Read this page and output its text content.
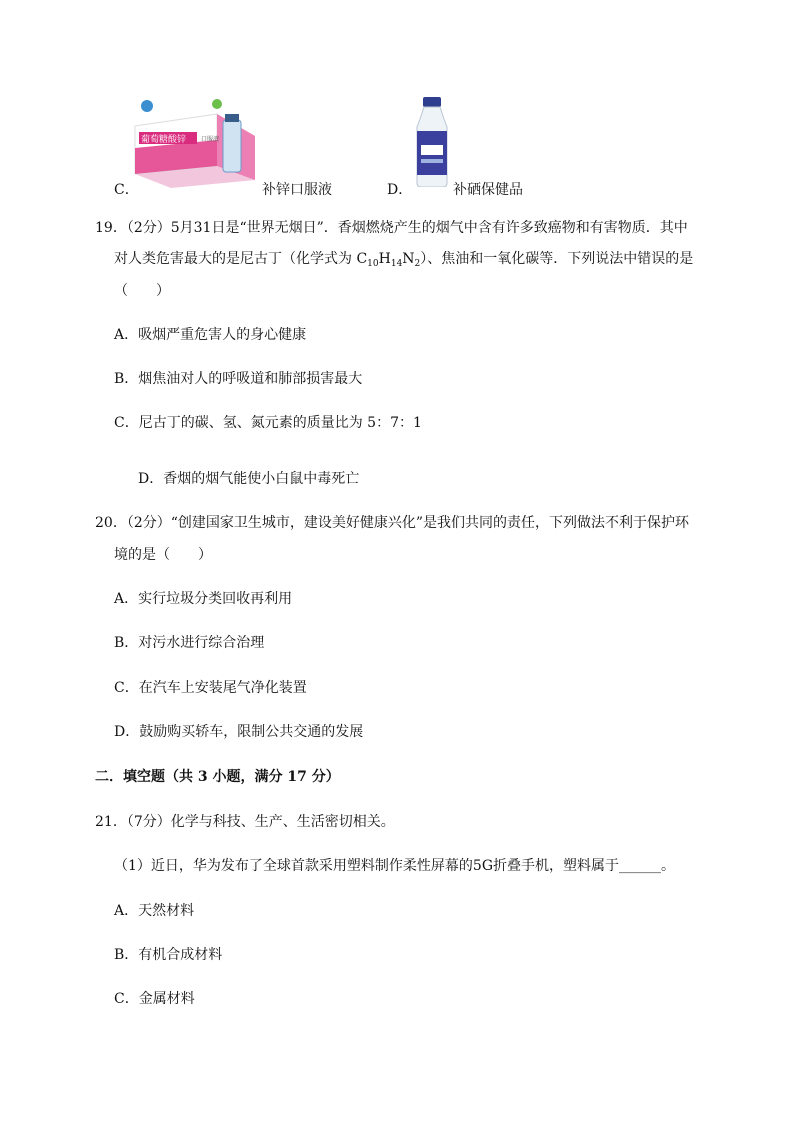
葡萄糖酸锌 口服液
C．	补锌口服液	D．	补硒保健品
19．（2分）5月31日是“世界无烟日”．香烟燃烧产生的烟气中含有许多致癌物和有害物质．其中
对人类危害最大的是尼古丁（化学式为 $C_{10}H_{14}N_2$）、焦油和一氧化碳等．下列说法中错误的是
（　　）
A．吸烟严重危害人的身心健康
B．烟焦油对人的呼吸道和肺部损害最大
C．尼古丁的碳、氢、氮元素的质量比为 5：7：1
D．香烟的烟气能使小白鼠中毒死亡
20．（2分）“创建国家卫生城市，建设美好健康兴化”是我们共同的责任，下列做法不利于保护环
境的是（　　）
A．实行垃圾分类回收再利用
B．对污水进行综合治理
C．在汽车上安装尾气净化装置
D．鼓励购买轿车，限制公共交通的发展
二．填空题（共 3 小题，满分 17 分）
21．（7分）化学与科技、生产、生活密切相关。
（1）近日，华为发布了全球首款采用塑料制作柔性屏幕的5G折叠手机，塑料属于______。
A．天然材料
B．有机合成材料
C．金属材料
